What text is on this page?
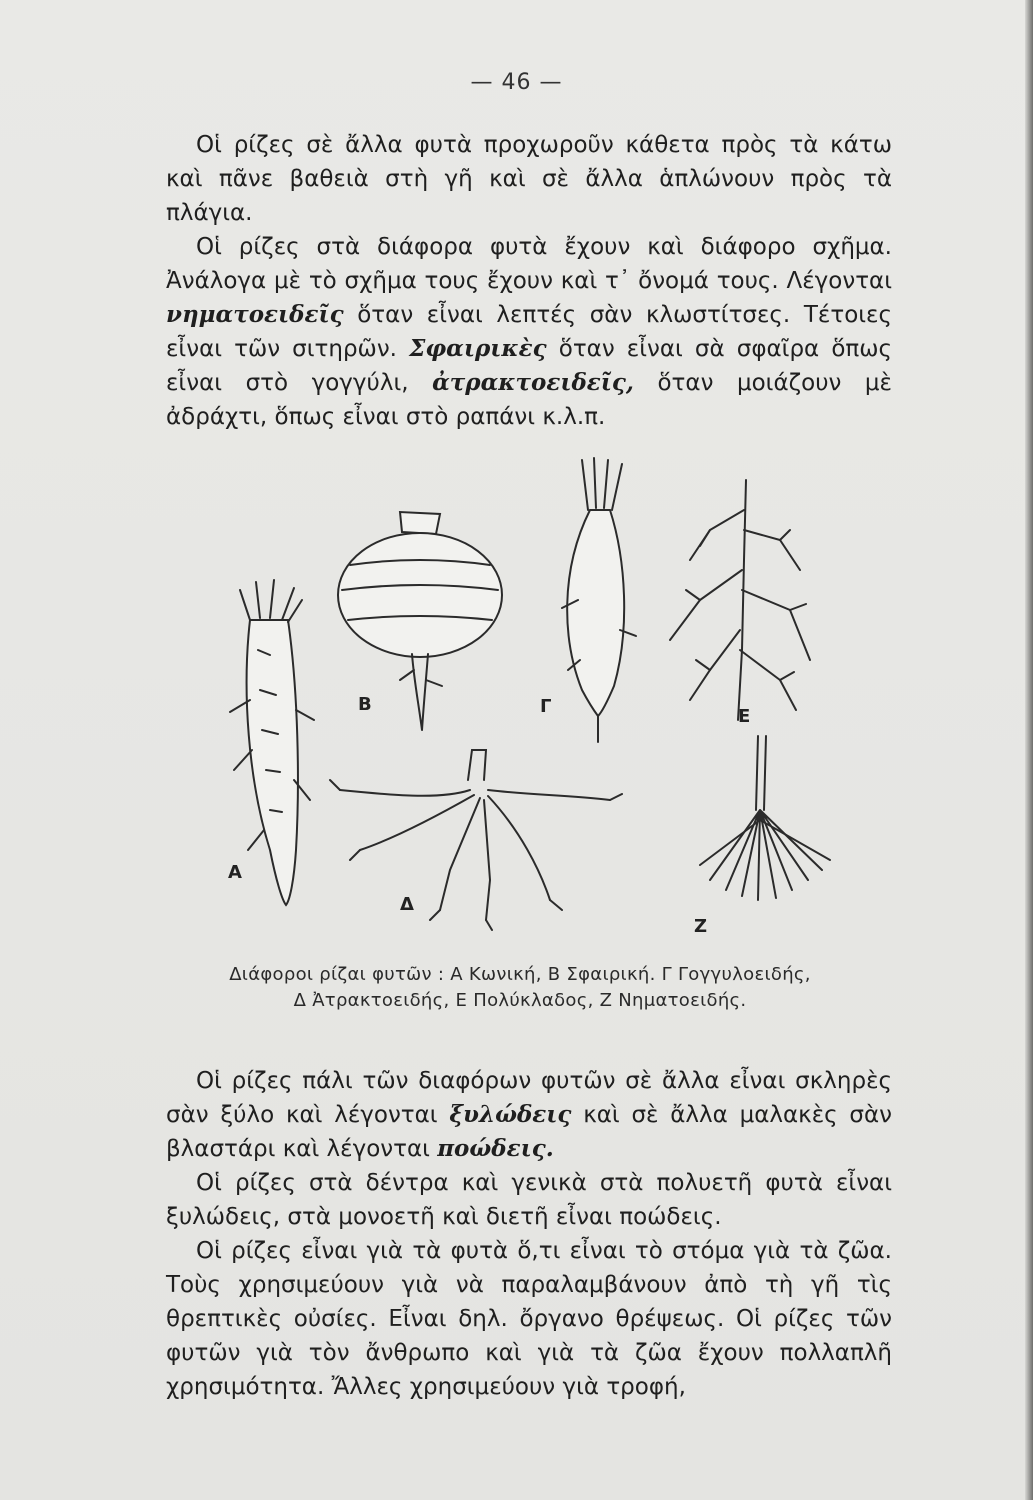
— 46 —

Οἱ ρίζες σὲ ἄλλα φυτὰ προχωροῦν κάθετα πρὸς τὰ κάτω καὶ πᾶνε βαθειὰ στὴ γῆ καὶ σὲ ἄλλα ἁπλώνουν πρὸς τὰ πλάγια.

Οἱ ρίζες στὰ διάφορα φυτὰ ἔχουν καὶ διάφορο σχῆμα. Ἀνάλογα μὲ τὸ σχῆμα τους ἔχουν καὶ τ᾽ ὄνομά τους. Λέγονται νηματοειδεῖς ὅταν εἶναι λεπτές σὰν κλωστίτσες. Τέτοιες εἶναι τῶν σιτηρῶν. Σφαιρικὲς ὅταν εἶναι σὰ σφαῖρα ὅπως εἶναι στὸ γογγύλι, ἀτρακτοειδεῖς, ὅταν μοιάζουν μὲ ἀδράχτι, ὅπως εἶναι στὸ ραπάνι κ.λ.π.

Α
Β	Γ	Ε
Δ
Ζ
Διάφοροι ρίζαι φυτῶν : Α Κωνική, Β Σφαιρική. Γ Γογγυλοειδής,
Δ Ἀτρακτοειδής, Ε Πολύκλαδος, Ζ Νηματοειδής.

Οἱ ρίζες πάλι τῶν διαφόρων φυτῶν σὲ ἄλλα εἶναι σκληρὲς σὰν ξύλο καὶ λέγονται ξυλώδεις καὶ σὲ ἄλλα μαλακὲς σὰν βλαστάρι καὶ λέγονται ποώδεις.

Οἱ ρίζες στὰ δέντρα καὶ γενικὰ στὰ πολυετῆ φυτὰ εἶναι ξυλώδεις, στὰ μονοετῆ καὶ διετῆ εἶναι ποώδεις.

Οἱ ρίζες εἶναι γιὰ τὰ φυτὰ ὅ,τι εἶναι τὸ στόμα γιὰ τὰ ζῶα. Τοὺς χρησιμεύουν γιὰ νὰ παραλαμβάνουν ἀπὸ τὴ γῆ τὶς θρεπτικὲς οὐσίες. Εἶναι δηλ. ὄργανο θρέψεως. Οἱ ρίζες τῶν φυτῶν γιὰ τὸν ἄνθρωπο καὶ γιὰ τὰ ζῶα ἔχουν πολλαπλῆ χρησιμότητα. Ἄλλες χρησιμεύουν γιὰ τροφή,
